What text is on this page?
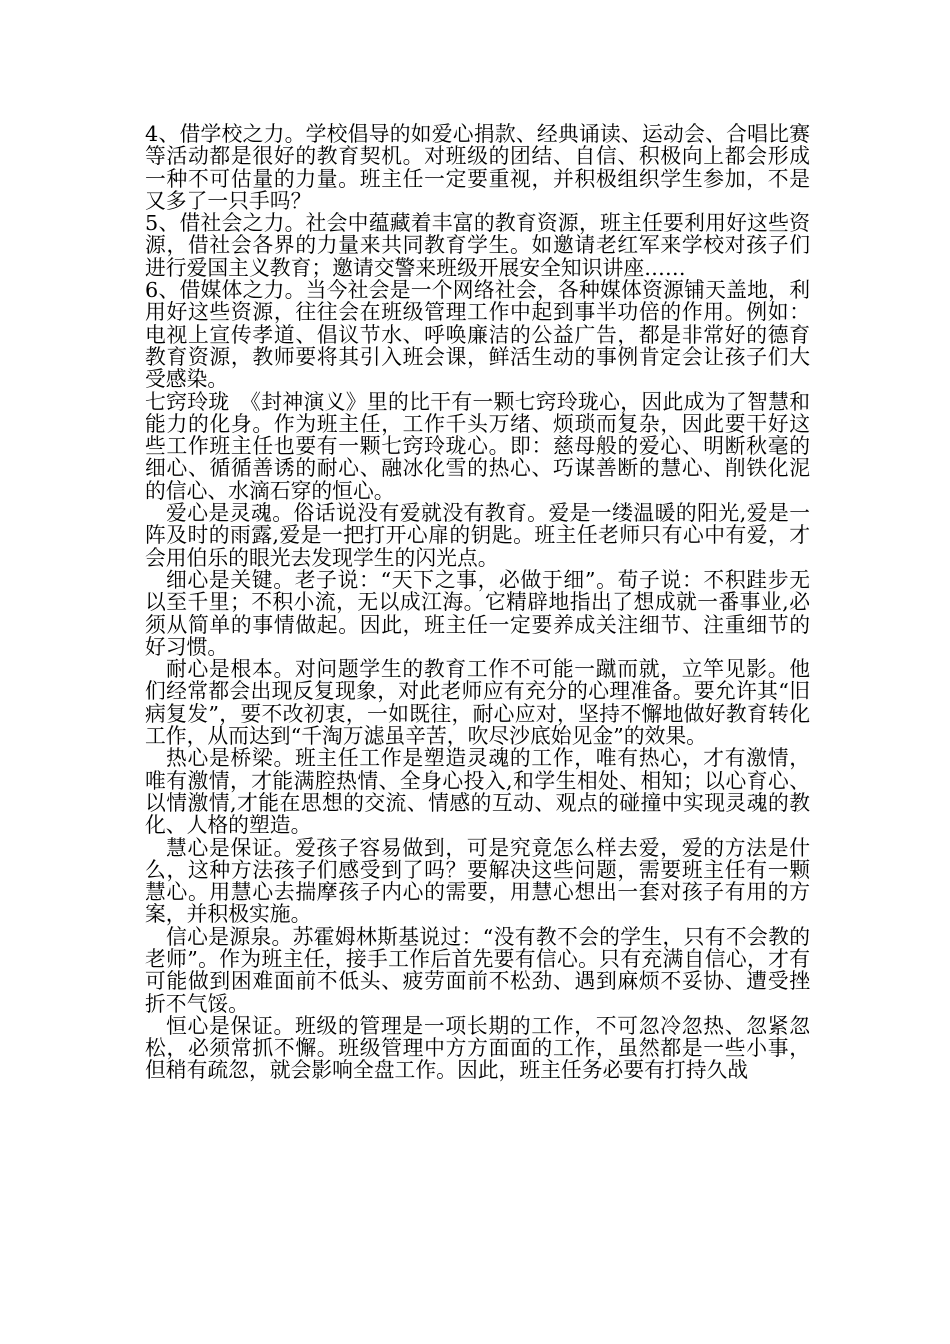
4、借学校之力。学校倡导的如爱心捐款、经典诵读、运动会、合唱比赛等活动都是很好的教育契机。对班级的团结、自信、积极向上都会形成一种不可估量的力量。班主任一定要重视，并积极组织学生参加，不是又多了一只手吗？

5、借社会之力。社会中蕴藏着丰富的教育资源，班主任要利用好这些资源，借社会各界的力量来共同教育学生。如邀请老红军来学校对孩子们进行爱国主义教育；邀请交警来班级开展安全知识讲座……

6、借媒体之力。当今社会是一个网络社会，各种媒体资源铺天盖地，利用好这些资源，往往会在班级管理工作中起到事半功倍的作用。例如：电视上宣传孝道、倡议节水、呼唤廉洁的公益广告，都是非常好的德育教育资源，教师要将其引入班会课，鲜活生动的事例肯定会让孩子们大受感染。

七窍玲珑　《封神演义》里的比干有一颗七窍玲珑心，因此成为了智慧和能力的化身。作为班主任，工作千头万绪、烦琐而复杂，因此要干好这些工作班主任也要有一颗七窍玲珑心。即：慈母般的爱心、明断秋毫的细心、循循善诱的耐心、融冰化雪的热心、巧谋善断的慧心、削铁化泥的信心、水滴石穿的恒心。

爱心是灵魂。俗话说没有爱就没有教育。爱是一缕温暖的阳光,爱是一阵及时的雨露,爱是一把打开心扉的钥匙。班主任老师只有心中有爱，才会用伯乐的眼光去发现学生的闪光点。

细心是关键。老子说：“天下之事，必做于细”。荀子说：不积跬步无以至千里；不积小流，无以成江海。它精辟地指出了想成就一番事业,必须从简单的事情做起。因此，班主任一定要养成关注细节、注重细节的好习惯。

耐心是根本。对问题学生的教育工作不可能一蹴而就，立竿见影。他们经常都会出现反复现象，对此老师应有充分的心理准备。要允许其“旧病复发”，要不改初衷，一如既往，耐心应对，坚持不懈地做好教育转化工作，从而达到“千淘万滤虽辛苦，吹尽沙底始见金”的效果。

热心是桥梁。班主任工作是塑造灵魂的工作，唯有热心，才有激情，唯有激情，才能满腔热情、全身心投入,和学生相处、相知；以心育心、以情激情,才能在思想的交流、情感的互动、观点的碰撞中实现灵魂的教化、人格的塑造。

慧心是保证。爱孩子容易做到，可是究竟怎么样去爱，爱的方法是什么，这种方法孩子们感受到了吗？要解决这些问题，需要班主任有一颗慧心。用慧心去揣摩孩子内心的需要，用慧心想出一套对孩子有用的方案，并积极实施。

信心是源泉。苏霍姆林斯基说过：“没有教不会的学生，只有不会教的老师”。作为班主任，接手工作后首先要有信心。只有充满自信心，才有可能做到困难面前不低头、疲劳面前不松劲、遇到麻烦不妥协、遭受挫折不气馁。

恒心是保证。班级的管理是一项长期的工作，不可忽冷忽热、忽紧忽松，必须常抓不懈。班级管理中方方面面的工作，虽然都是一些小事，但稍有疏忽，就会影响全盘工作。因此，班主任务必要有打持久战
